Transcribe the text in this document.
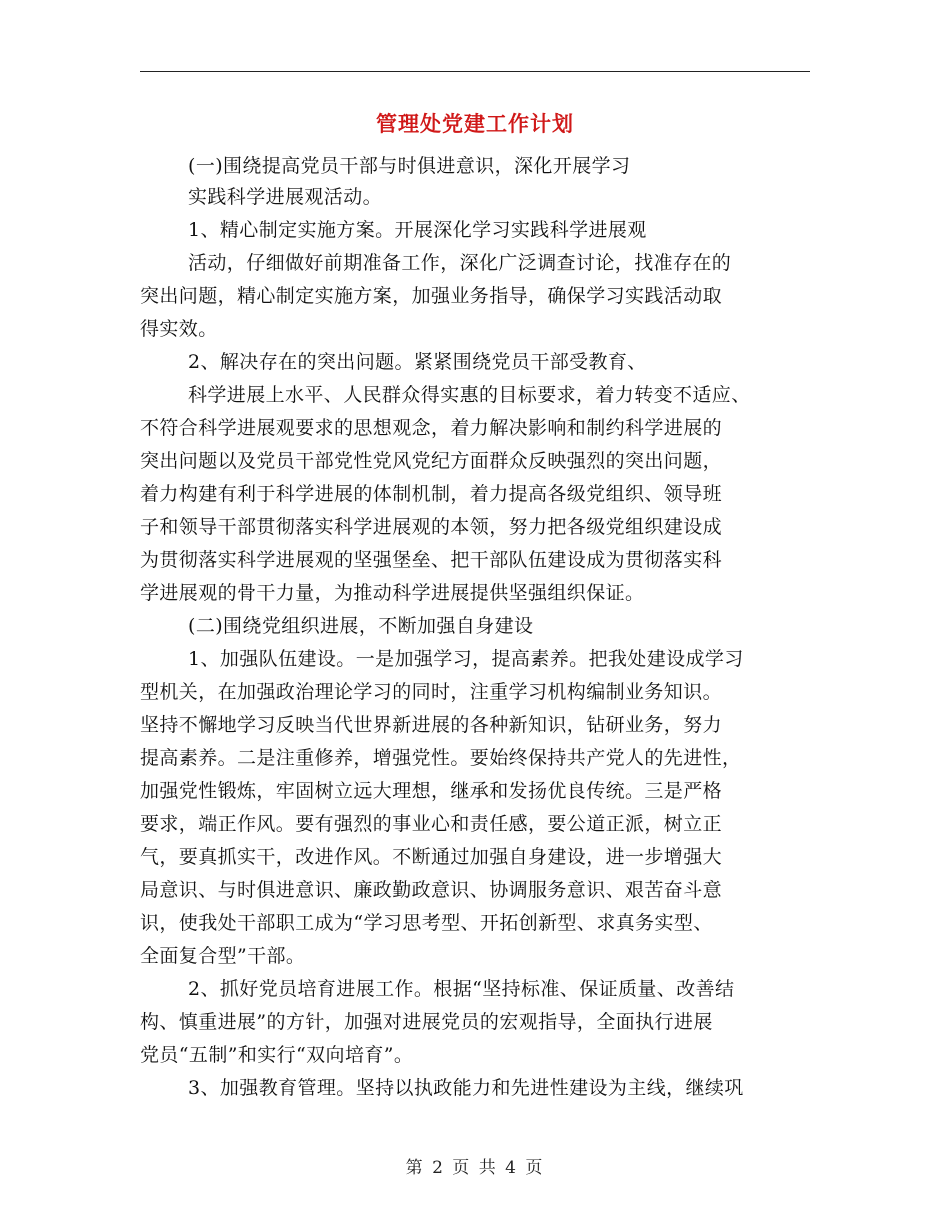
管理处党建工作计划
(一)围绕提高党员干部与时俱进意识，深化开展学习
实践科学进展观活动。
1、精心制定实施方案。开展深化学习实践科学进展观
活动，仔细做好前期准备工作，深化广泛调查讨论，找准存在的
突出问题，精心制定实施方案，加强业务指导，确保学习实践活动取
得实效。
2、解决存在的突出问题。紧紧围绕党员干部受教育、
科学进展上水平、人民群众得实惠的目标要求，着力转变不适应、
不符合科学进展观要求的思想观念，着力解决影响和制约科学进展的
突出问题以及党员干部党性党风党纪方面群众反映强烈的突出问题，
着力构建有利于科学进展的体制机制，着力提高各级党组织、领导班
子和领导干部贯彻落实科学进展观的本领，努力把各级党组织建设成
为贯彻落实科学进展观的坚强堡垒、把干部队伍建设成为贯彻落实科
学进展观的骨干力量，为推动科学进展提供坚强组织保证。
(二)围绕党组织进展，不断加强自身建设
1、加强队伍建设。一是加强学习，提高素养。把我处建设成学习
型机关，在加强政治理论学习的同时，注重学习机构编制业务知识。
坚持不懈地学习反映当代世界新进展的各种新知识，钻研业务，努力
提高素养。二是注重修养，增强党性。要始终保持共产党人的先进性，
加强党性锻炼，牢固树立远大理想，继承和发扬优良传统。三是严格
要求，端正作风。要有强烈的事业心和责任感，要公道正派，树立正
气，要真抓实干，改进作风。不断通过加强自身建设，进一步增强大
局意识、与时俱进意识、廉政勤政意识、协调服务意识、艰苦奋斗意
识，使我处干部职工成为“学习思考型、开拓创新型、求真务实型、
全面复合型”干部。
2、抓好党员培育进展工作。根据“坚持标准、保证质量、改善结
构、慎重进展”的方针，加强对进展党员的宏观指导，全面执行进展
党员“五制”和实行“双向培育”。
3、加强教育管理。坚持以执政能力和先进性建设为主线，继续巩
第 2 页 共 4 页
